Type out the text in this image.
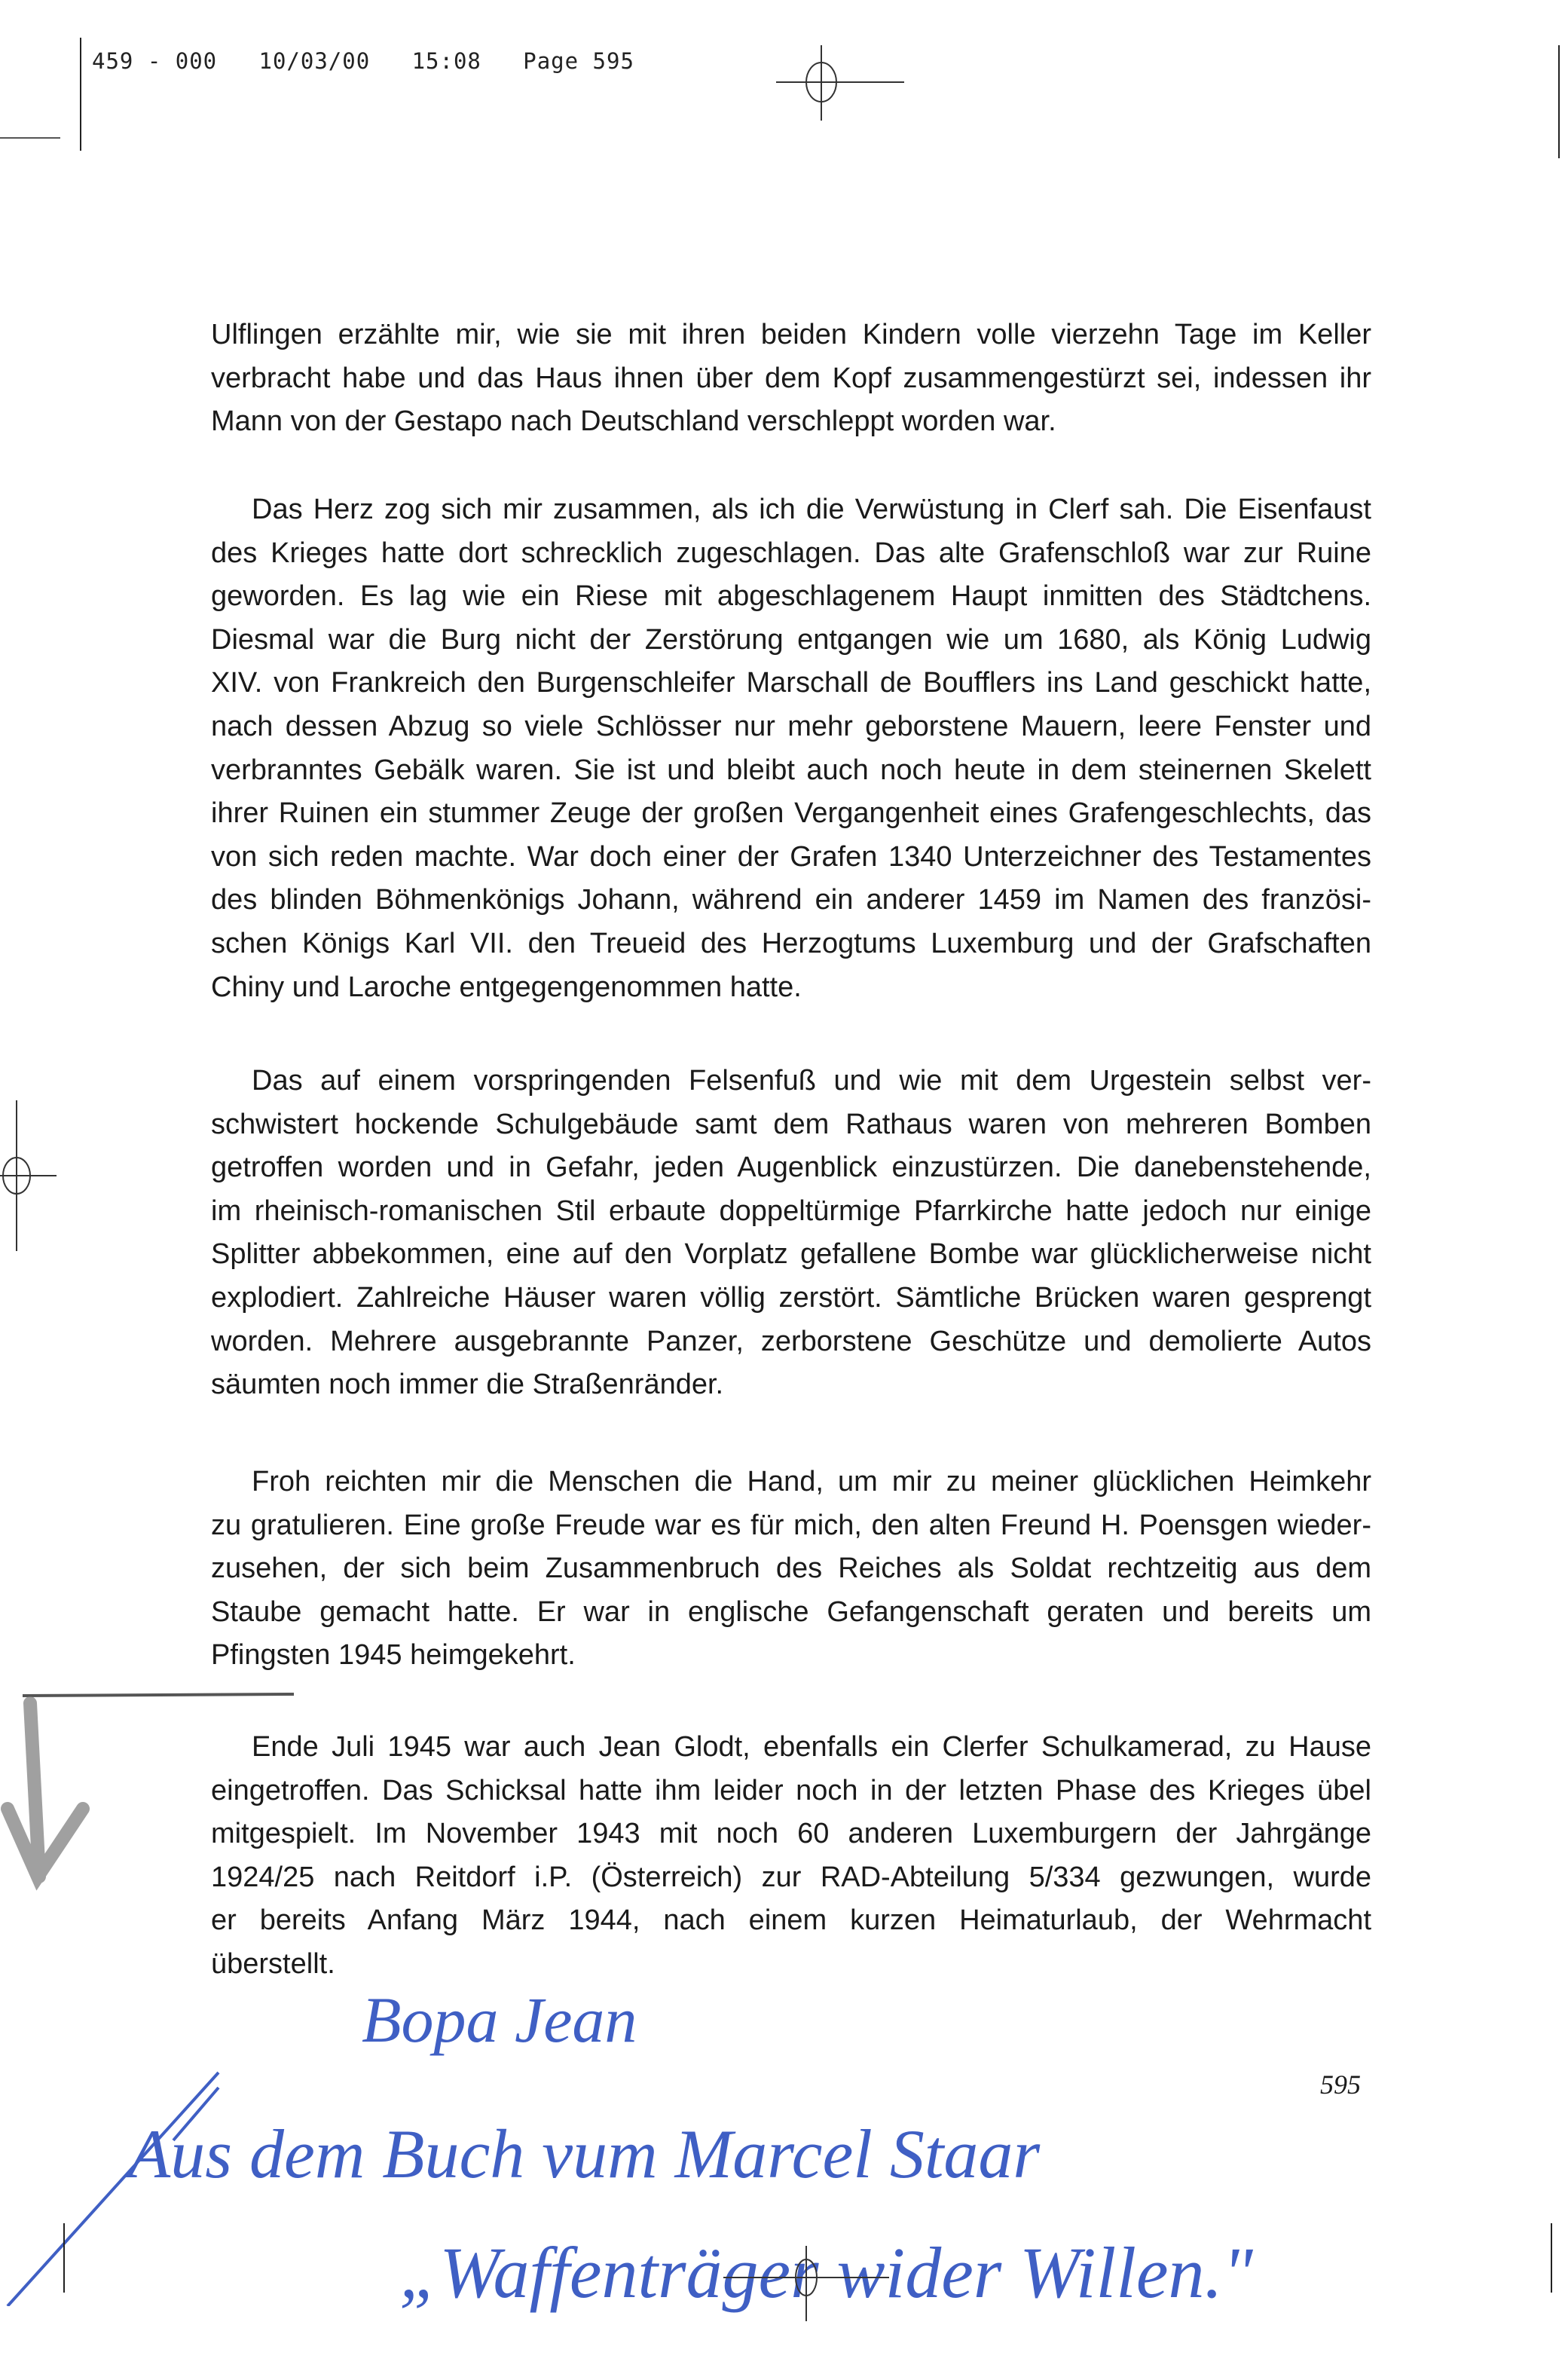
459 - 000   10/03/00   15:08   Page 595
Ulflingen erzählte mir, wie sie mit ihren beiden Kindern volle vierzehn Tage im Keller
verbracht habe und das Haus ihnen über dem Kopf zusammengestürzt sei, indessen ihr
Mann von der Gestapo nach Deutschland verschleppt worden war.
Das Herz zog sich mir zusammen, als ich die Verwüstung in Clerf sah. Die Eisenfaust
des Krieges hatte dort schrecklich zugeschlagen. Das alte Grafenschloß war zur Ruine
geworden. Es lag wie ein Riese mit abgeschlagenem Haupt inmitten des Städtchens.
Diesmal war die Burg nicht der Zerstörung entgangen wie um 1680, als König Ludwig
XIV. von Frankreich den Burgenschleifer Marschall de Boufflers ins Land geschickt hatte,
nach dessen Abzug so viele Schlösser nur mehr geborstene Mauern, leere Fenster und
verbranntes Gebälk waren. Sie ist und bleibt auch noch heute in dem steinernen Skelett
ihrer Ruinen ein stummer Zeuge der großen Vergangenheit eines Grafengeschlechts, das
von sich reden machte. War doch einer der Grafen 1340 Unterzeichner des Testamentes
des blinden Böhmenkönigs Johann, während ein anderer 1459 im Namen des französi-
schen Königs Karl VII. den Treueid des Herzogtums Luxemburg und der Grafschaften
Chiny und Laroche entgegengenommen hatte.
Das auf einem vorspringenden Felsenfuß und wie mit dem Urgestein selbst ver-
schwistert hockende Schulgebäude samt dem Rathaus waren von mehreren Bomben
getroffen worden und in Gefahr, jeden Augenblick einzustürzen. Die danebenstehende,
im rheinisch-romanischen Stil erbaute doppeltürmige Pfarrkirche hatte jedoch nur einige
Splitter abbekommen, eine auf den Vorplatz gefallene Bombe war glücklicherweise nicht
explodiert. Zahlreiche Häuser waren völlig zerstört. Sämtliche Brücken waren gesprengt
worden. Mehrere ausgebrannte Panzer, zerborstene Geschütze und demolierte Autos
säumten noch immer die Straßenränder.
Froh reichten mir die Menschen die Hand, um mir zu meiner glücklichen Heimkehr
zu gratulieren. Eine große Freude war es für mich, den alten Freund H. Poensgen wieder-
zusehen, der sich beim Zusammenbruch des Reiches als Soldat rechtzeitig aus dem
Staube gemacht hatte. Er war in englische Gefangenschaft geraten und bereits um
Pfingsten 1945 heimgekehrt.
Ende Juli 1945 war auch Jean Glodt, ebenfalls ein Clerfer Schulkamerad, zu Hause
eingetroffen. Das Schicksal hatte ihm leider noch in der letzten Phase des Krieges übel
mitgespielt. Im November 1943 mit noch 60 anderen Luxemburgern der Jahrgänge
1924/25 nach Reitdorf i.P. (Österreich) zur RAD-Abteilung 5/334 gezwungen, wurde
er bereits Anfang März 1944, nach einem kurzen Heimaturlaub, der Wehrmacht
überstellt.
595
Bopa Jean
Aus dem Buch vum Marcel Staar
„Waffenträger wider Willen."
